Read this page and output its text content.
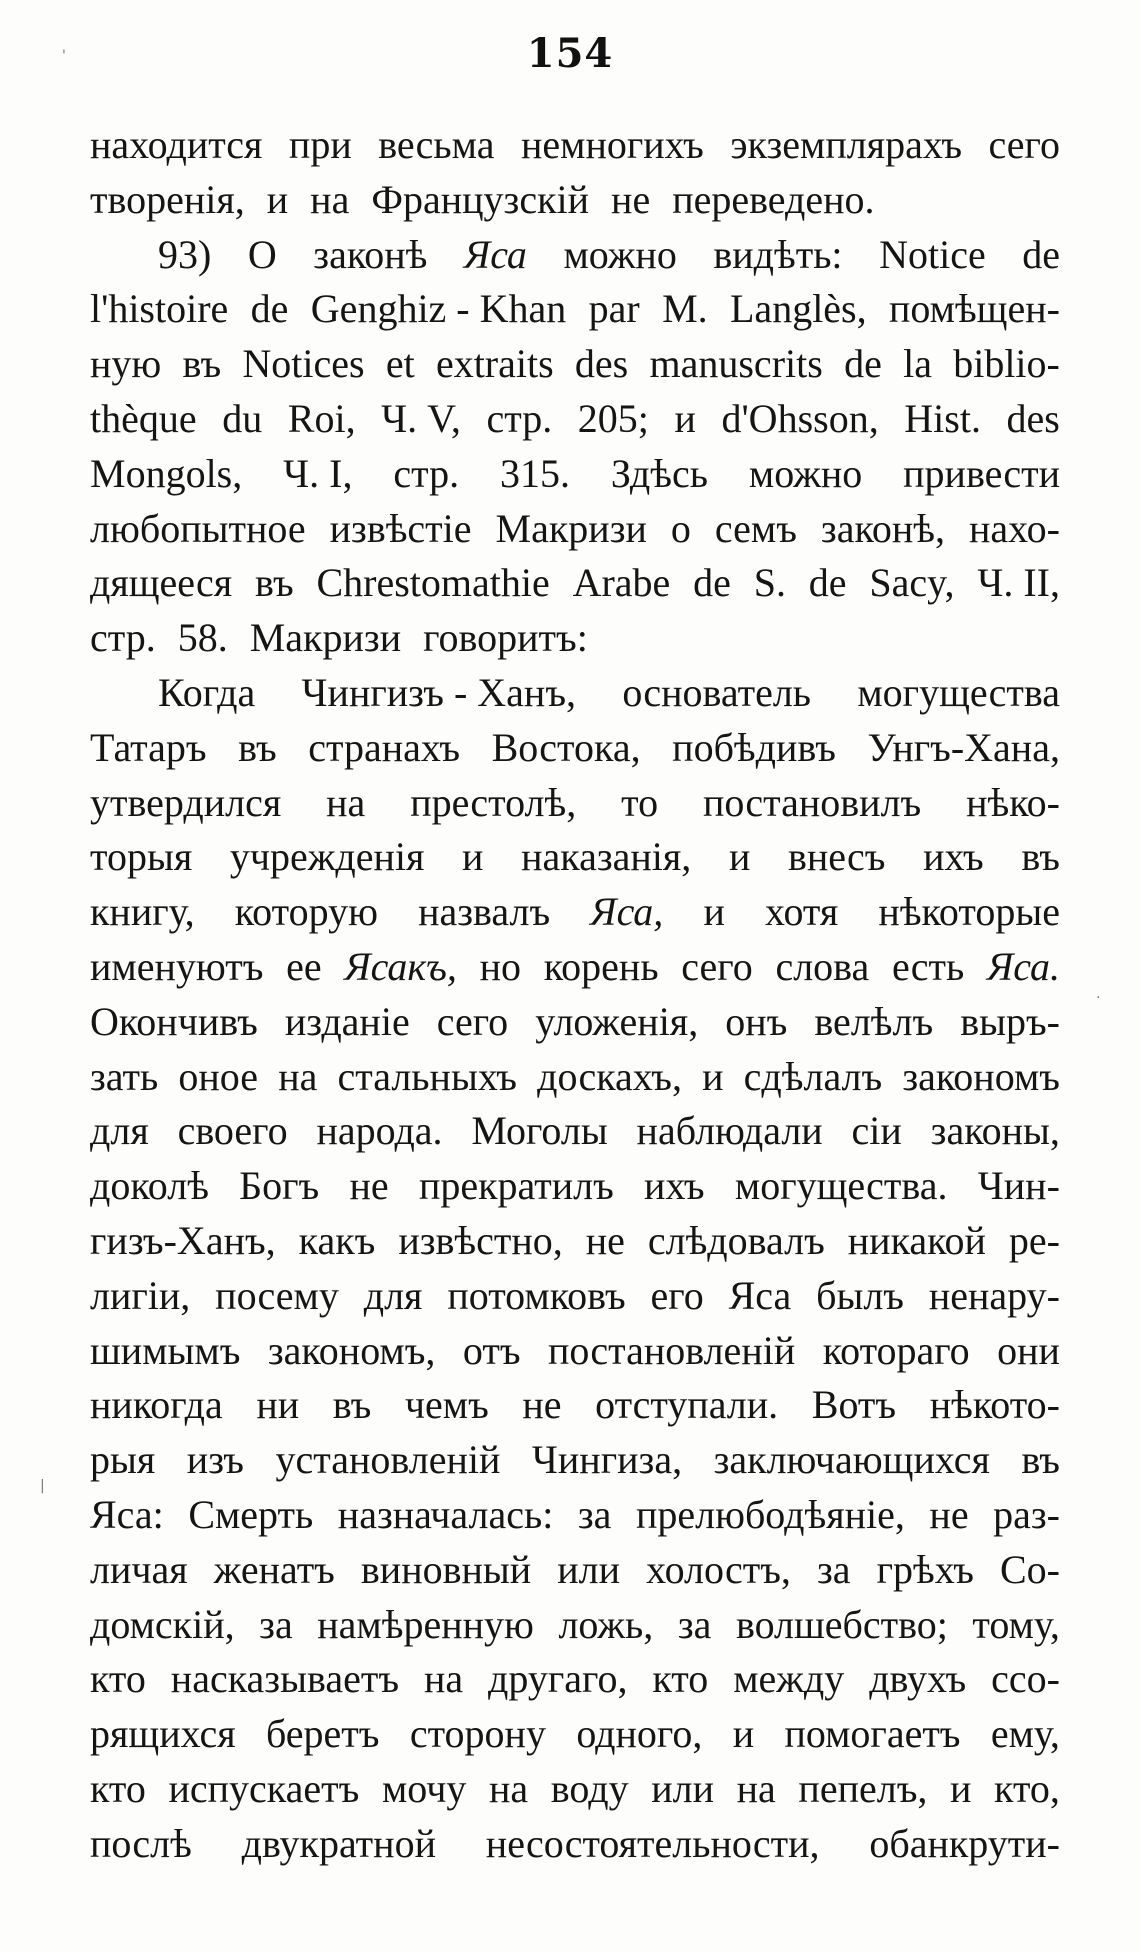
154
находится при весьма немногихъ экземплярахъ сего
творенія, и на Французскій не переведено.
93) О законѣ Яса можно видѣть: Notice de
l'histoire de Genghiz - Khan par M. Langlès, помѣщен-
ную въ Notices et extraits des manuscrits de la biblio-
thèque du Roi, Ч. V, стр. 205; и d'Ohsson, Hist. des
Mongols, Ч. I, стр. 315. Здѣсь можно привести
любопытное извѣстіе Макризи о семъ законѣ, нахо-
дящееся въ Chrestomathie Arabe de S. de Sacy, Ч. II,
стр. 58. Макризи говоритъ:
Когда Чингизъ - Ханъ, основатель могущества
Татаръ въ странахъ Востока, побѣдивъ Унгъ-Хана,
утвердился на престолѣ, то постановилъ нѣко-
торыя учрежденія и наказанія, и внесъ ихъ въ
книгу, которую назвалъ Яса, и хотя нѣкоторые
именуютъ ее Ясакъ, но корень сего слова есть Яса.
Окончивъ изданіе сего уложенія, онъ велѣлъ выръ-
зать оное на стальныхъ доскахъ, и сдѣлалъ закономъ
для своего народа. Моголы наблюдали сіи законы,
доколѣ Богъ не прекратилъ ихъ могущества. Чин-
гизъ-Ханъ, какъ извѣстно, не слѣдовалъ никакой ре-
лигіи, посему для потомковъ его Яса былъ ненару-
шимымъ закономъ, отъ постановленій котораго они
никогда ни въ чемъ не отступали. Вотъ нѣкото-
рыя изъ установленій Чингиза, заключающихся въ
Яса: Смерть назначалась: за прелюбодѣяніе, не раз-
личая женатъ виновный или холостъ, за грѣхъ Со-
домскій, за намѣренную ложь, за волшебство; тому,
кто насказываетъ на другаго, кто между двухъ ссо-
рящихся беретъ сторону одного, и помогаетъ ему,
кто испускаетъ мочу на воду или на пепелъ, и кто,
послѣ двукратной несостоятельности, обанкрути-
'
|
·
